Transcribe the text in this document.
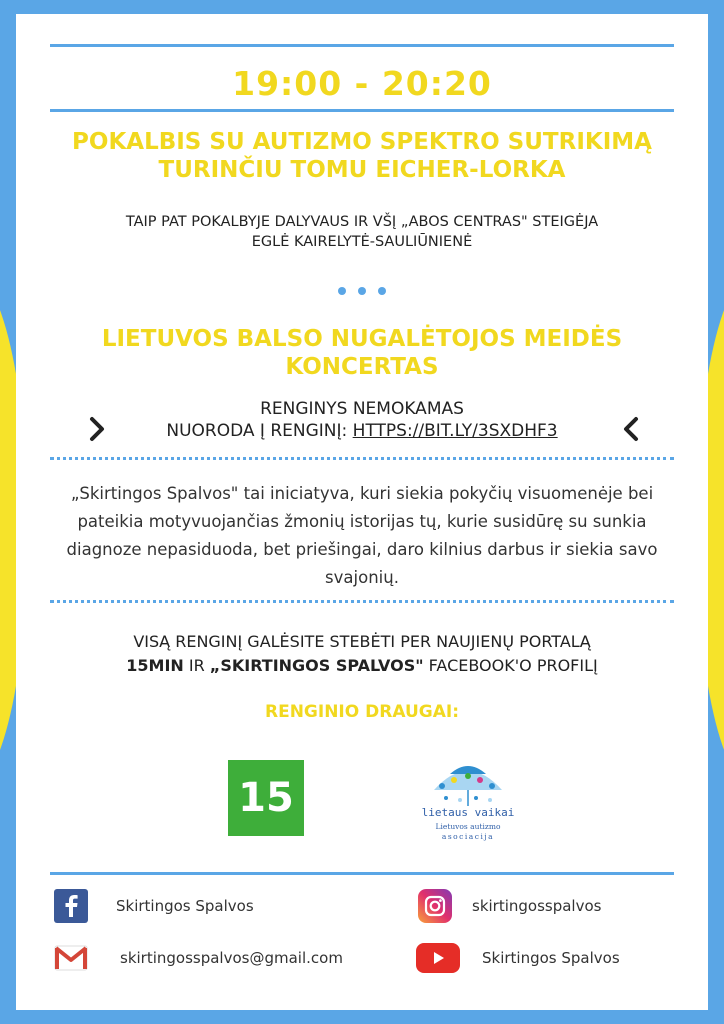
19:00 - 20:20
POKALBIS SU AUTIZMO SPEKTRO SUTRIKIMĄ
TURINČIU TOMU EICHER-LORKA
TAIP PAT POKALBYJE DALYVAUS IR VŠĮ „ABOS CENTRAS" STEIGĖJA
EGLĖ KAIRELYTĖ-SAULIŪNIENĖ
LIETUVOS BALSO NUGALĖTOJOS MEIDĖS
KONCERTAS
RENGINYS NEMOKAMAS
NUORODA Į RENGINĮ: HTTPS://BIT.LY/3SXDHF3
„Skirtingos Spalvos" tai iniciatyva, kuri siekia pokyčių visuomenėje bei pateikia motyvuojančias žmonių istorijas tų, kurie susidūrę su sunkia diagnoze nepasiduoda, bet priešingai, daro kilnius darbus ir siekia savo svajonių.
VISĄ RENGINĮ GALĖSITE STEBĖTI PER NAUJIENŲ PORTALĄ
15MIN IR „SKIRTINGOS SPALVOS" FACEBOOK'O PROFILĮ
RENGINIO DRAUGAI:
15	lietaus vaikai
Lietuvos autizmo
asociacija
Skirtingos Spalvos	skirtingosspalvos
skirtingosspalvos@gmail.com	Skirtingos Spalvos
